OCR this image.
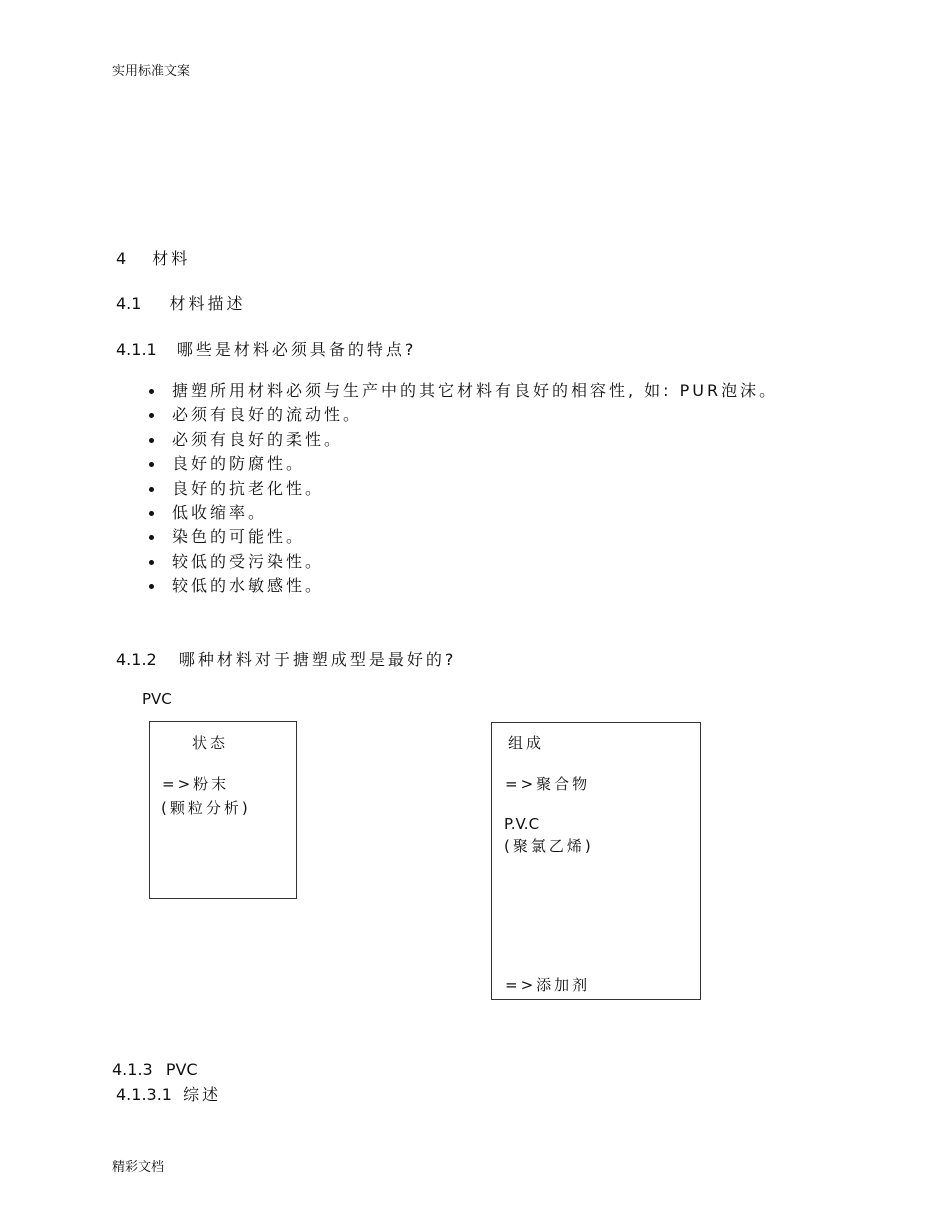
实用标准文案
4 材料
4.1 材料描述
4.1.1 哪些是材料必须具备的特点?
搪塑所用材料必须与生产中的其它材料有良好的相容性, 如: PUR泡沫。
必须有良好的流动性。
必须有良好的柔性。
良好的防腐性。
良好的抗老化性。
低收缩率。
染色的可能性。
较低的受污染性。
较低的水敏感性。
4.1.2 哪种材料对于搪塑成型是最好的?
PVC
状态
=>粉末
(颗粒分析)
组成
=>聚合物
P.V.C
(聚氯乙烯)
=>添加剂
4.1.3 PVC
4.1.3.1 综述
精彩文档
